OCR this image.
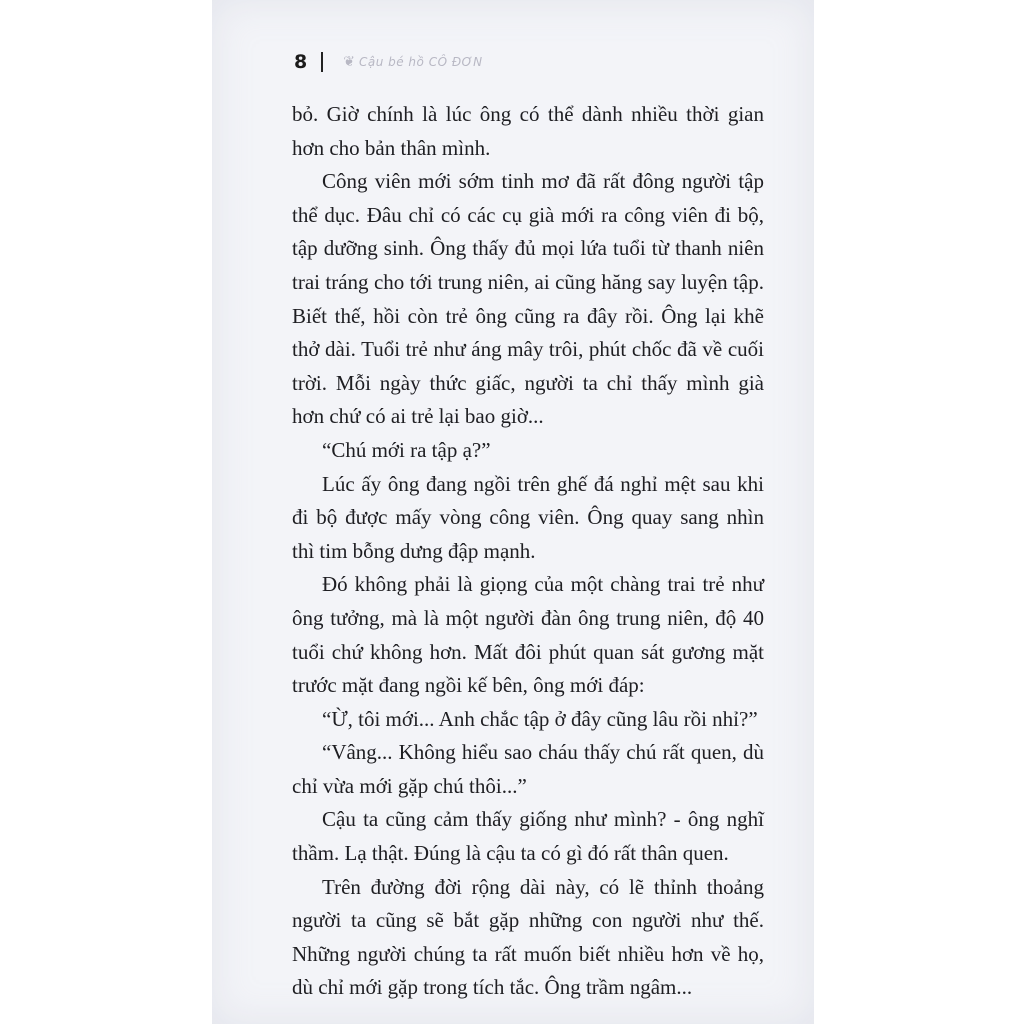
8	❦ Cậu bé hồ CÔ ĐƠN

bỏ. Giờ chính là lúc ông có thể dành nhiều thời gian hơn cho bản thân mình.

Công viên mới sớm tinh mơ đã rất đông người tập thể dục. Đâu chỉ có các cụ già mới ra công viên đi bộ, tập dưỡng sinh. Ông thấy đủ mọi lứa tuổi từ thanh niên trai tráng cho tới trung niên, ai cũng hăng say luyện tập. Biết thế, hồi còn trẻ ông cũng ra đây rồi. Ông lại khẽ thở dài. Tuổi trẻ như áng mây trôi, phút chốc đã về cuối trời. Mỗi ngày thức giấc, người ta chỉ thấy mình già hơn chứ có ai trẻ lại bao giờ...

“Chú mới ra tập ạ?”

Lúc ấy ông đang ngồi trên ghế đá nghỉ mệt sau khi đi bộ được mấy vòng công viên. Ông quay sang nhìn thì tim bỗng dưng đập mạnh.

Đó không phải là giọng của một chàng trai trẻ như ông tưởng, mà là một người đàn ông trung niên, độ 40 tuổi chứ không hơn. Mất đôi phút quan sát gương mặt trước mặt đang ngồi kế bên, ông mới đáp:

“Ừ, tôi mới... Anh chắc tập ở đây cũng lâu rồi nhỉ?”

“Vâng... Không hiểu sao cháu thấy chú rất quen, dù chỉ vừa mới gặp chú thôi...”

Cậu ta cũng cảm thấy giống như mình? - ông nghĩ thầm. Lạ thật. Đúng là cậu ta có gì đó rất thân quen.

Trên đường đời rộng dài này, có lẽ thỉnh thoảng người ta cũng sẽ bắt gặp những con người như thế. Những người chúng ta rất muốn biết nhiều hơn về họ, dù chỉ mới gặp trong tích tắc. Ông trầm ngâm...
